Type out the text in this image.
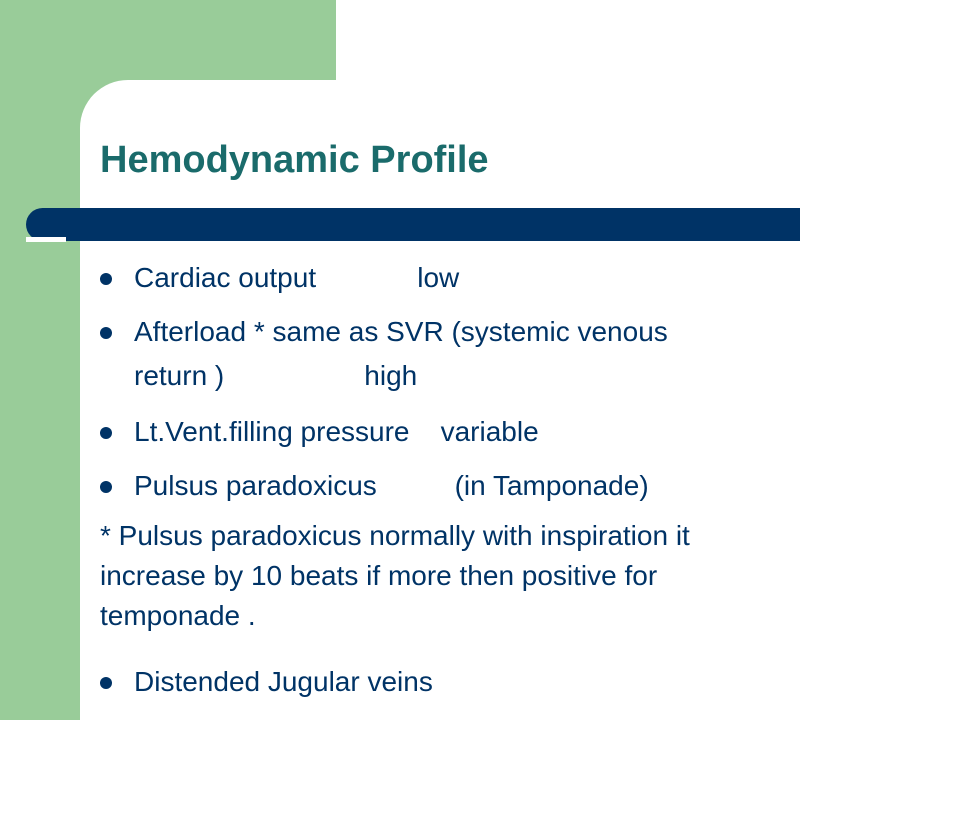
Hemodynamic Profile

Cardiac output             low

Afterload * same as SVR (systemic venous

return )                  high

Lt.Vent.filling pressure    variable

Pulsus paradoxicus          (in Tamponade)

* Pulsus paradoxicus normally with inspiration it

increase by 10 beats if more then positive for

temponade .

Distended Jugular veins
